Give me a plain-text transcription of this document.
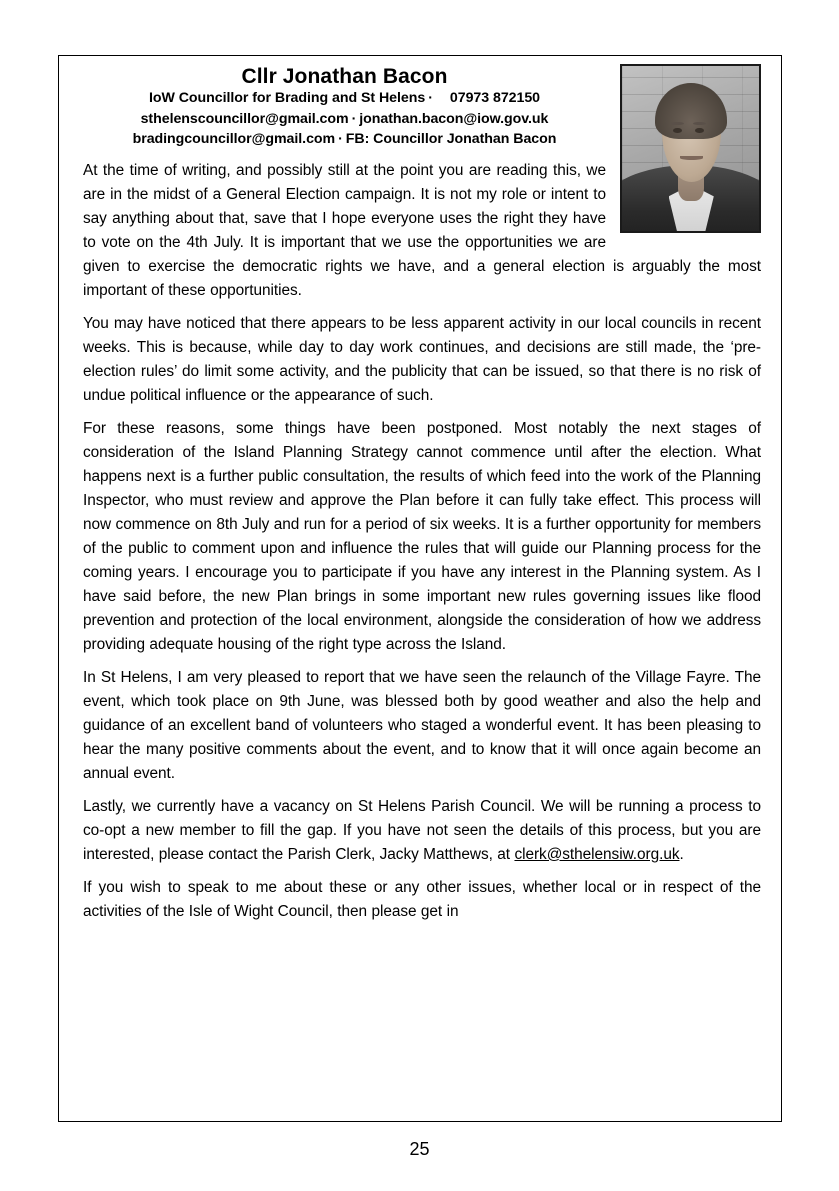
Cllr Jonathan Bacon
IoW Councillor for Brading and St Helens · 07973 872150
sthelenscouncillor@gmail.com · jonathan.bacon@iow.gov.uk
bradingcouncillor@gmail.com · FB: Councillor Jonathan Bacon

At the time of writing, and possibly still at the point you are reading this, we are in the midst of a General Election campaign. It is not my role or intent to say anything about that, save that I hope everyone uses the right they have to vote on the 4th July. It is important that we use the opportunities we are given to exercise the democratic rights we have, and a general election is arguably the most important of these opportunities.

You may have noticed that there appears to be less apparent activity in our local councils in recent weeks. This is because, while day to day work continues, and decisions are still made, the ‘pre-election rules’ do limit some activity, and the publicity that can be issued, so that there is no risk of undue political influence or the appearance of such.

For these reasons, some things have been postponed. Most notably the next stages of consideration of the Island Planning Strategy cannot commence until after the election. What happens next is a further public consultation, the results of which feed into the work of the Planning Inspector, who must review and approve the Plan before it can fully take effect. This process will now commence on 8th July and run for a period of six weeks. It is a further opportunity for members of the public to comment upon and influence the rules that will guide our Planning process for the coming years. I encourage you to participate if you have any interest in the Planning system. As I have said before, the new Plan brings in some important new rules governing issues like flood prevention and protection of the local environment, alongside the consideration of how we address providing adequate housing of the right type across the Island.

In St Helens, I am very pleased to report that we have seen the relaunch of the Village Fayre. The event, which took place on 9th June, was blessed both by good weather and also the help and guidance of an excellent band of volunteers who staged a wonderful event. It has been pleasing to hear the many positive comments about the event, and to know that it will once again become an annual event.

Lastly, we currently have a vacancy on St Helens Parish Council. We will be running a process to co-opt a new member to fill the gap. If you have not seen the details of this process, but you are interested, please contact the Parish Clerk, Jacky Matthews, at clerk@sthelensiw.org.uk.

If you wish to speak to me about these or any other issues, whether local or in respect of the activities of the Isle of Wight Council, then please get in

25
